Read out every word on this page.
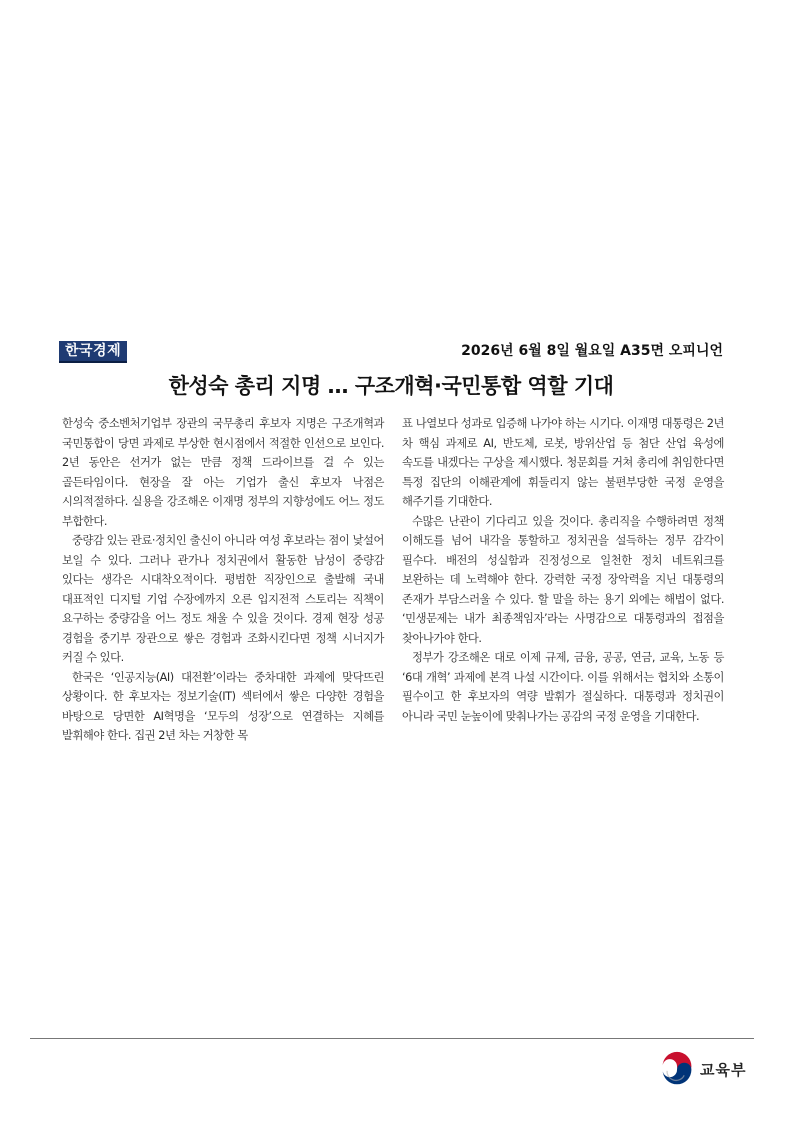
한국경제	2026년 6월 8일 월요일 A35면 오피니언
한성숙 총리 지명 … 구조개혁·국민통합 역할 기대

한성숙 중소벤처기업부 장관의 국무총리 후보자 지명은 구조개혁과 국민통합이 당면 과제로 부상한 현시점에서 적절한 인선으로 보인다. 2년 동안은 선거가 없는 만큼 정책 드라이브를 걸 수 있는 골든타임이다. 현장을 잘 아는 기업가 출신 후보자 낙점은 시의적절하다. 실용을 강조해온 이재명 정부의 지향성에도 어느 정도 부합한다.

중량감 있는 관료·정치인 출신이 아니라 여성 후보라는 점이 낯설어 보일 수 있다. 그러나 관가나 정치권에서 활동한 남성이 중량감 있다는 생각은 시대착오적이다. 평범한 직장인으로 출발해 국내 대표적인 디지털 기업 수장에까지 오른 입지전적 스토리는 직책이 요구하는 중량감을 어느 정도 채울 수 있을 것이다. 경제 현장 성공 경험을 중기부 장관으로 쌓은 경험과 조화시킨다면 정책 시너지가 커질 수 있다.

한국은 ‘인공지능(AI) 대전환’이라는 중차대한 과제에 맞닥뜨린 상황이다. 한 후보자는 정보기술(IT) 섹터에서 쌓은 다양한 경험을 바탕으로 당면한 AI혁명을 ‘모두의 성장’으로 연결하는 지혜를 발휘해야 한다. 집권 2년 차는 거창한 목

표 나열보다 성과로 입증해 나가야 하는 시기다. 이재명 대통령은 2년 차 핵심 과제로 AI, 반도체, 로봇, 방위산업 등 첨단 산업 육성에 속도를 내겠다는 구상을 제시했다. 청문회를 거쳐 총리에 취임한다면 특정 집단의 이해관계에 휘둘리지 않는 불편부당한 국정 운영을 해주기를 기대한다.

수많은 난관이 기다리고 있을 것이다. 총리직을 수행하려면 정책 이해도를 넘어 내각을 통할하고 정치권을 설득하는 정무 감각이 필수다. 배전의 성실함과 진정성으로 일천한 정치 네트워크를 보완하는 데 노력해야 한다. 강력한 국정 장악력을 지닌 대통령의 존재가 부담스러울 수 있다. 할 말을 하는 용기 외에는 해법이 없다. ‘민생문제는 내가 최종책임자’라는 사명감으로 대통령과의 접점을 찾아나가야 한다.

정부가 강조해온 대로 이제 규제, 금융, 공공, 연금, 교육, 노동 등 ‘6대 개혁’ 과제에 본격 나설 시간이다. 이를 위해서는 협치와 소통이 필수이고 한 후보자의 역량 발휘가 절실하다. 대통령과 정치권이 아니라 국민 눈높이에 맞춰나가는 공감의 국정 운영을 기대한다.

교육부
